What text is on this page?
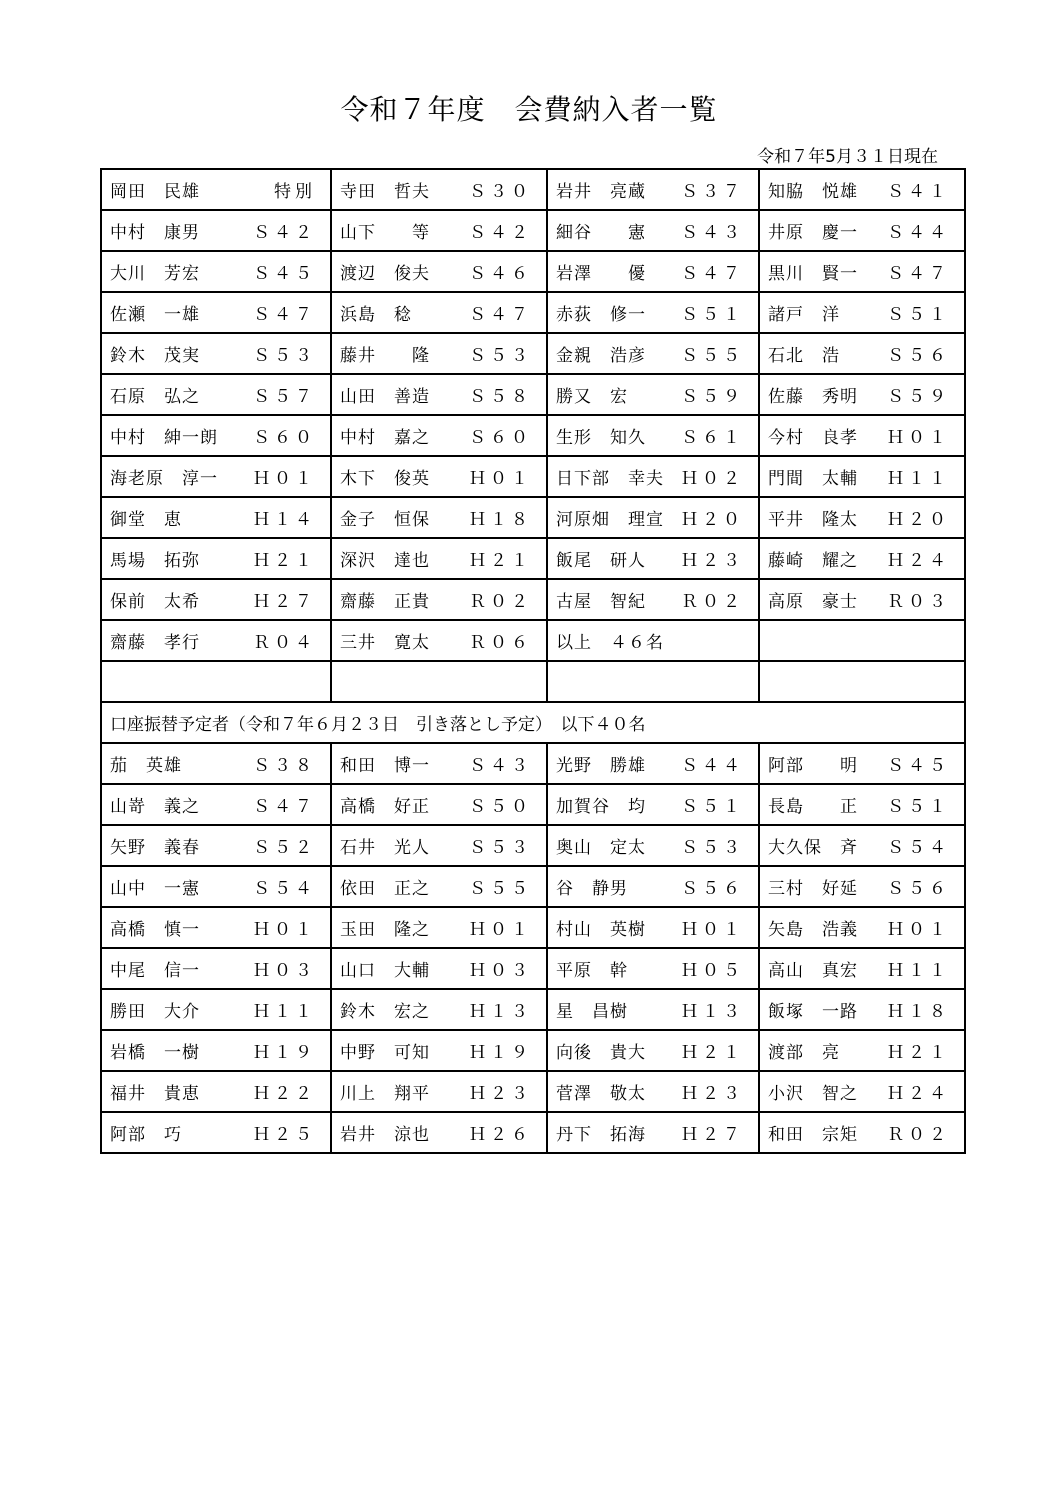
令和７年度　会費納入者一覧
令和７年5月３１日現在
岡田　民雄 特別	寺田　哲夫 Ｓ３０	岩井　亮蔵 Ｓ３７	知脇　悦雄 Ｓ４１

中村　康男 Ｓ４２	山下　　等 Ｓ４２	細谷　　憲 Ｓ４３	井原　慶一 Ｓ４４

大川　芳宏 Ｓ４５	渡辺　俊夫 Ｓ４６	岩澤　　優 Ｓ４７	黒川　賢一 Ｓ４７

佐瀬　一雄 Ｓ４７	浜島　稔 Ｓ４７	赤荻　修一 Ｓ５１	諸戸　洋 Ｓ５１

鈴木　茂実 Ｓ５３	藤井　　隆 Ｓ５３	金親　浩彦 Ｓ５５	石北　浩 Ｓ５６

石原　弘之 Ｓ５７	山田　善造 Ｓ５８	勝又　宏 Ｓ５９	佐藤　秀明 Ｓ５９

中村　紳一朗 Ｓ６０	中村　嘉之 Ｓ６０	生形　知久 Ｓ６１	今村　良孝 Ｈ０１

海老原　淳一 Ｈ０１	木下　俊英 Ｈ０１	日下部　幸夫 Ｈ０２	門間　太輔 Ｈ１１

御堂　恵 Ｈ１４	金子　恒保 Ｈ１８	河原畑　理宣 Ｈ２０	平井　隆太 Ｈ２０

馬場　拓弥 Ｈ２１	深沢　達也 Ｈ２１	飯尾　研人 Ｈ２３	藤崎　耀之 Ｈ２４

保前　太希 Ｈ２７	齋藤　正貴 Ｒ０２	古屋　智紀 Ｒ０２	高原　豪士 Ｒ０３

齋藤　孝行 Ｒ０４	三井　寛太 Ｒ０６	以上　４６名	

口座振替予定者（令和７年６月２３日　引き落とし予定）　以下４０名			

茄　英雄 Ｓ３８	和田　博一 Ｓ４３	光野　勝雄 Ｓ４４	阿部　　明 Ｓ４５

山嵜　義之 Ｓ４７	高橋　好正 Ｓ５０	加賀谷　均 Ｓ５１	長島　　正 Ｓ５１

矢野　義春 Ｓ５２	石井　光人 Ｓ５３	奥山　定太 Ｓ５３	大久保　斉 Ｓ５４

山中　一憲 Ｓ５４	依田　正之 Ｓ５５	谷　静男 Ｓ５６	三村　好延 Ｓ５６

高橋　慎一 Ｈ０１	玉田　隆之 Ｈ０１	村山　英樹 Ｈ０１	矢島　浩義 Ｈ０１

中尾　信一 Ｈ０３	山口　大輔 Ｈ０３	平原　幹 Ｈ０５	高山　真宏 Ｈ１１

勝田　大介 Ｈ１１	鈴木　宏之 Ｈ１３	星　昌樹 Ｈ１３	飯塚　一路 Ｈ１８

岩橋　一樹 Ｈ１９	中野　可知 Ｈ１９	向後　貴大 Ｈ２１	渡部　亮 Ｈ２１

福井　貴恵 Ｈ２２	川上　翔平 Ｈ２３	菅澤　敬太 Ｈ２３	小沢　智之 Ｈ２４

阿部　巧 Ｈ２５	岩井　涼也 Ｈ２６	丹下　拓海 Ｈ２７	和田　宗矩 Ｒ０２
